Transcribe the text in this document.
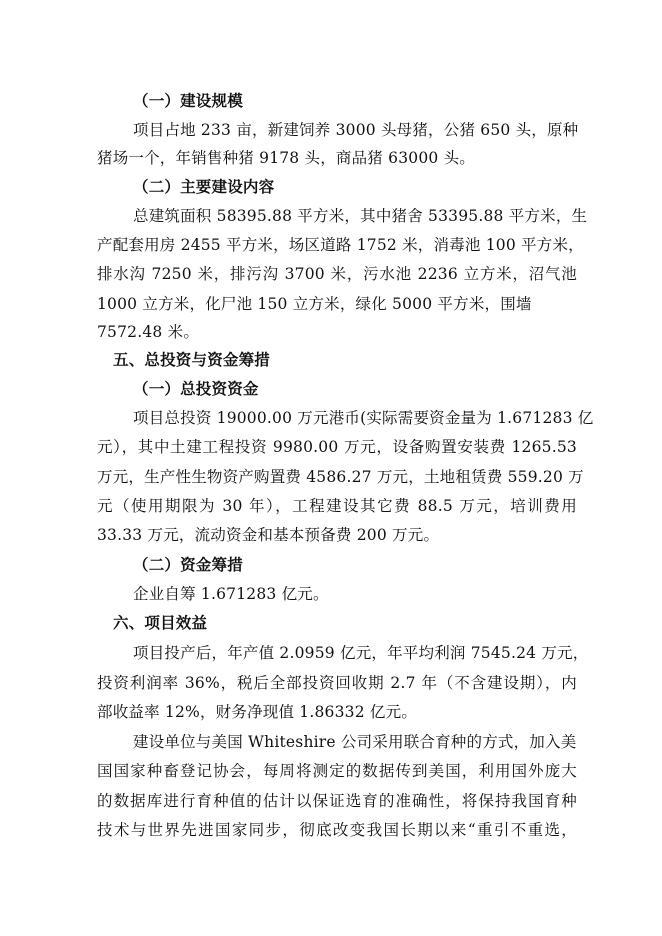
（一）建设规模
项目占地 233 亩，新建饲养 3000 头母猪，公猪 650 头，原种
猪场一个，年销售种猪 9178 头，商品猪 63000 头。
（二）主要建设内容
总建筑面积 58395.88 平方米，其中猪舍 53395.88 平方米，生
产配套用房 2455 平方米，场区道路 1752 米，消毒池 100 平方米，
排水沟 7250 米，排污沟 3700 米，污水池 2236 立方米，沼气池
1000 立方米，化尸池 150 立方米，绿化 5000 平方米，围墙
7572.48 米。
五、总投资与资金筹措
（一）总投资资金
项目总投资 19000.00 万元港币(实际需要资金量为 1.671283 亿
元），其中土建工程投资 9980.00 万元，设备购置安装费 1265.53
万元，生产性生物资产购置费 4586.27 万元，土地租赁费 559.20 万
元（使用期限为 30 年），工程建设其它费 88.5 万元，培训费用
33.33 万元，流动资金和基本预备费 200 万元。
（二）资金筹措
企业自筹 1.671283 亿元。
六、项目效益
项目投产后，年产值 2.0959 亿元，年平均利润 7545.24 万元，
投资利润率 36%，税后全部投资回收期 2.7 年（不含建设期），内
部收益率 12%，财务净现值 1.86332 亿元。
建设单位与美国 Whiteshire 公司采用联合育种的方式，加入美
国国家种畜登记协会，每周将测定的数据传到美国，利用国外庞大
的数据库进行育种值的估计以保证选育的准确性，将保持我国育种
技术与世界先进国家同步，彻底改变我国长期以来“重引不重选，
